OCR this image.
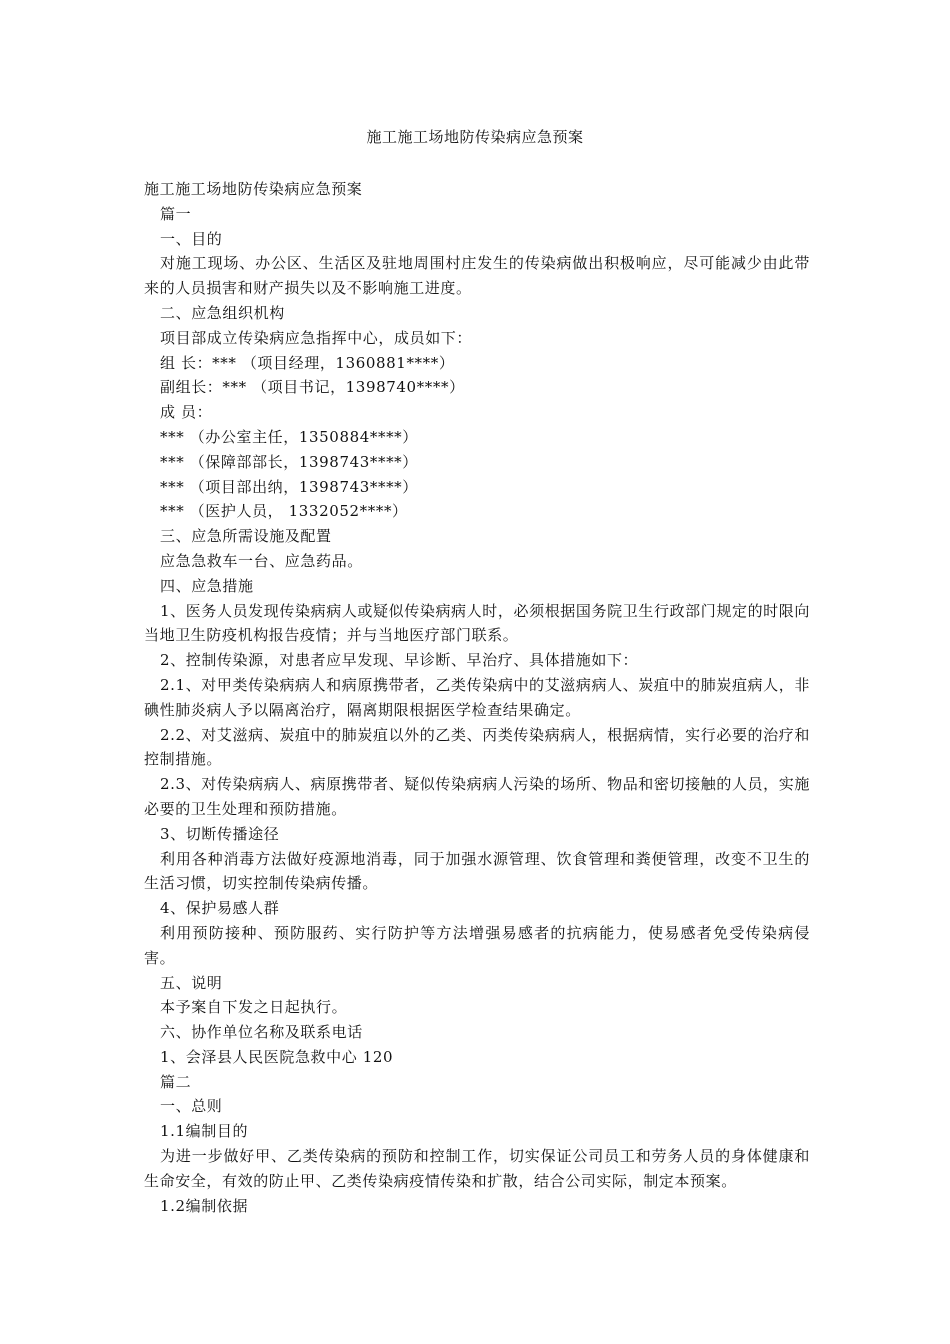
施工施工场地防传染病应急预案

施工施工场地防传染病应急预案

篇一

一、目的

对施工现场、办公区、生活区及驻地周围村庄发生的传染病做出积极响应，尽可能减少由此带来的人员损害和财产损失以及不影响施工进度。

二、应急组织机构

项目部成立传染病应急指挥中心，成员如下：

组 长：*** （项目经理，1360881****）

副组长：*** （项目书记，1398740****）

成 员：

*** （办公室主任，1350884****）

*** （保障部部长，1398743****）

*** （项目部出纳，1398743****）

*** （医护人员， 1332052****）

三、应急所需设施及配置

应急急救车一台、应急药品。

四、应急措施

1、医务人员发现传染病病人或疑似传染病病人时，必须根据国务院卫生行政部门规定的时限向当地卫生防疫机构报告疫情；并与当地医疗部门联系。

2、控制传染源，对患者应早发现、早诊断、早治疗、具体措施如下：

2.1、对甲类传染病病人和病原携带者，乙类传染病中的艾滋病病人、炭疽中的肺炭疽病人，非碘性肺炎病人予以隔离治疗，隔离期限根据医学检查结果确定。

2.2、对艾滋病、炭疽中的肺炭疽以外的乙类、丙类传染病病人，根据病情，实行必要的治疗和控制措施。

2.3、对传染病病人、病原携带者、疑似传染病病人污染的场所、物品和密切接触的人员，实施必要的卫生处理和预防措施。

3、切断传播途径

利用各种消毒方法做好疫源地消毒，同于加强水源管理、饮食管理和粪便管理，改变不卫生的生活习惯，切实控制传染病传播。

4、保护易感人群

利用预防接种、预防服药、实行防护等方法增强易感者的抗病能力，使易感者免受传染病侵害。

五、说明

本予案自下发之日起执行。

六、协作单位名称及联系电话

1、会泽县人民医院急救中心 120

篇二

一、总则

1.1编制目的

为进一步做好甲、乙类传染病的预防和控制工作，切实保证公司员工和劳务人员的身体健康和生命安全，有效的防止甲、乙类传染病疫情传染和扩散，结合公司实际，制定本预案。

1.2编制依据
